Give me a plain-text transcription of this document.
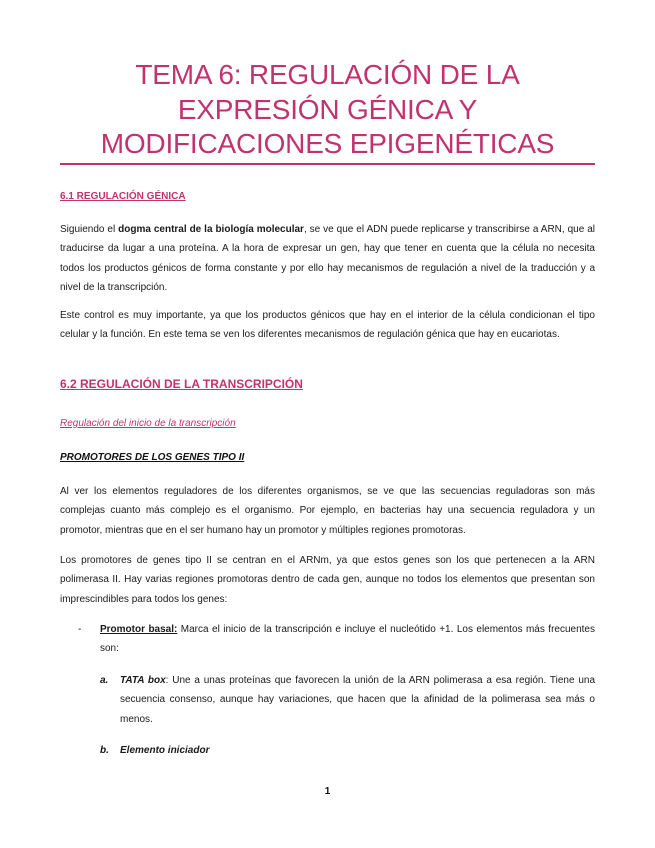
TEMA 6: REGULACIÓN DE LA EXPRESIÓN GÉNICA Y MODIFICACIONES EPIGENÉTICAS
6.1 REGULACIÓN GÉNICA

Siguiendo el dogma central de la biología molecular, se ve que el ADN puede replicarse y transcribirse a ARN, que al traducirse da lugar a una proteína. A la hora de expresar un gen, hay que tener en cuenta que la célula no necesita todos los productos génicos de forma constante y por ello hay mecanismos de regulación a nivel de la traducción y a nivel de la transcripción.

Este control es muy importante, ya que los productos génicos que hay en el interior de la célula condicionan el tipo celular y la función. En este tema se ven los diferentes mecanismos de regulación génica que hay en eucariotas.

6.2 REGULACIÓN DE LA TRANSCRIPCIÓN
Regulación del inicio de la transcripción
PROMOTORES DE LOS GENES TIPO II

Al ver los elementos reguladores de los diferentes organismos, se ve que las secuencias reguladoras son más complejas cuanto más complejo es el organismo. Por ejemplo, en bacterias hay una secuencia reguladora y un promotor, mientras que en el ser humano hay un promotor y múltiples regiones promotoras.

Los promotores de genes tipo II se centran en el ARNm, ya que estos genes son los que pertenecen a la ARN polimerasa II. Hay varias regiones promotoras dentro de cada gen, aunque no todos los elementos que presentan son imprescindibles para todos los genes:

- Promotor basal: Marca el inicio de la transcripción e incluye el nucleótido +1. Los elementos más frecuentes son:

a. TATA box: Une a unas proteínas que favorecen la unión de la ARN polimerasa a esa región. Tiene una secuencia consenso, aunque hay variaciones, que hacen que la afinidad de la polimerasa sea más o menos.

b. Elemento iniciador

1
